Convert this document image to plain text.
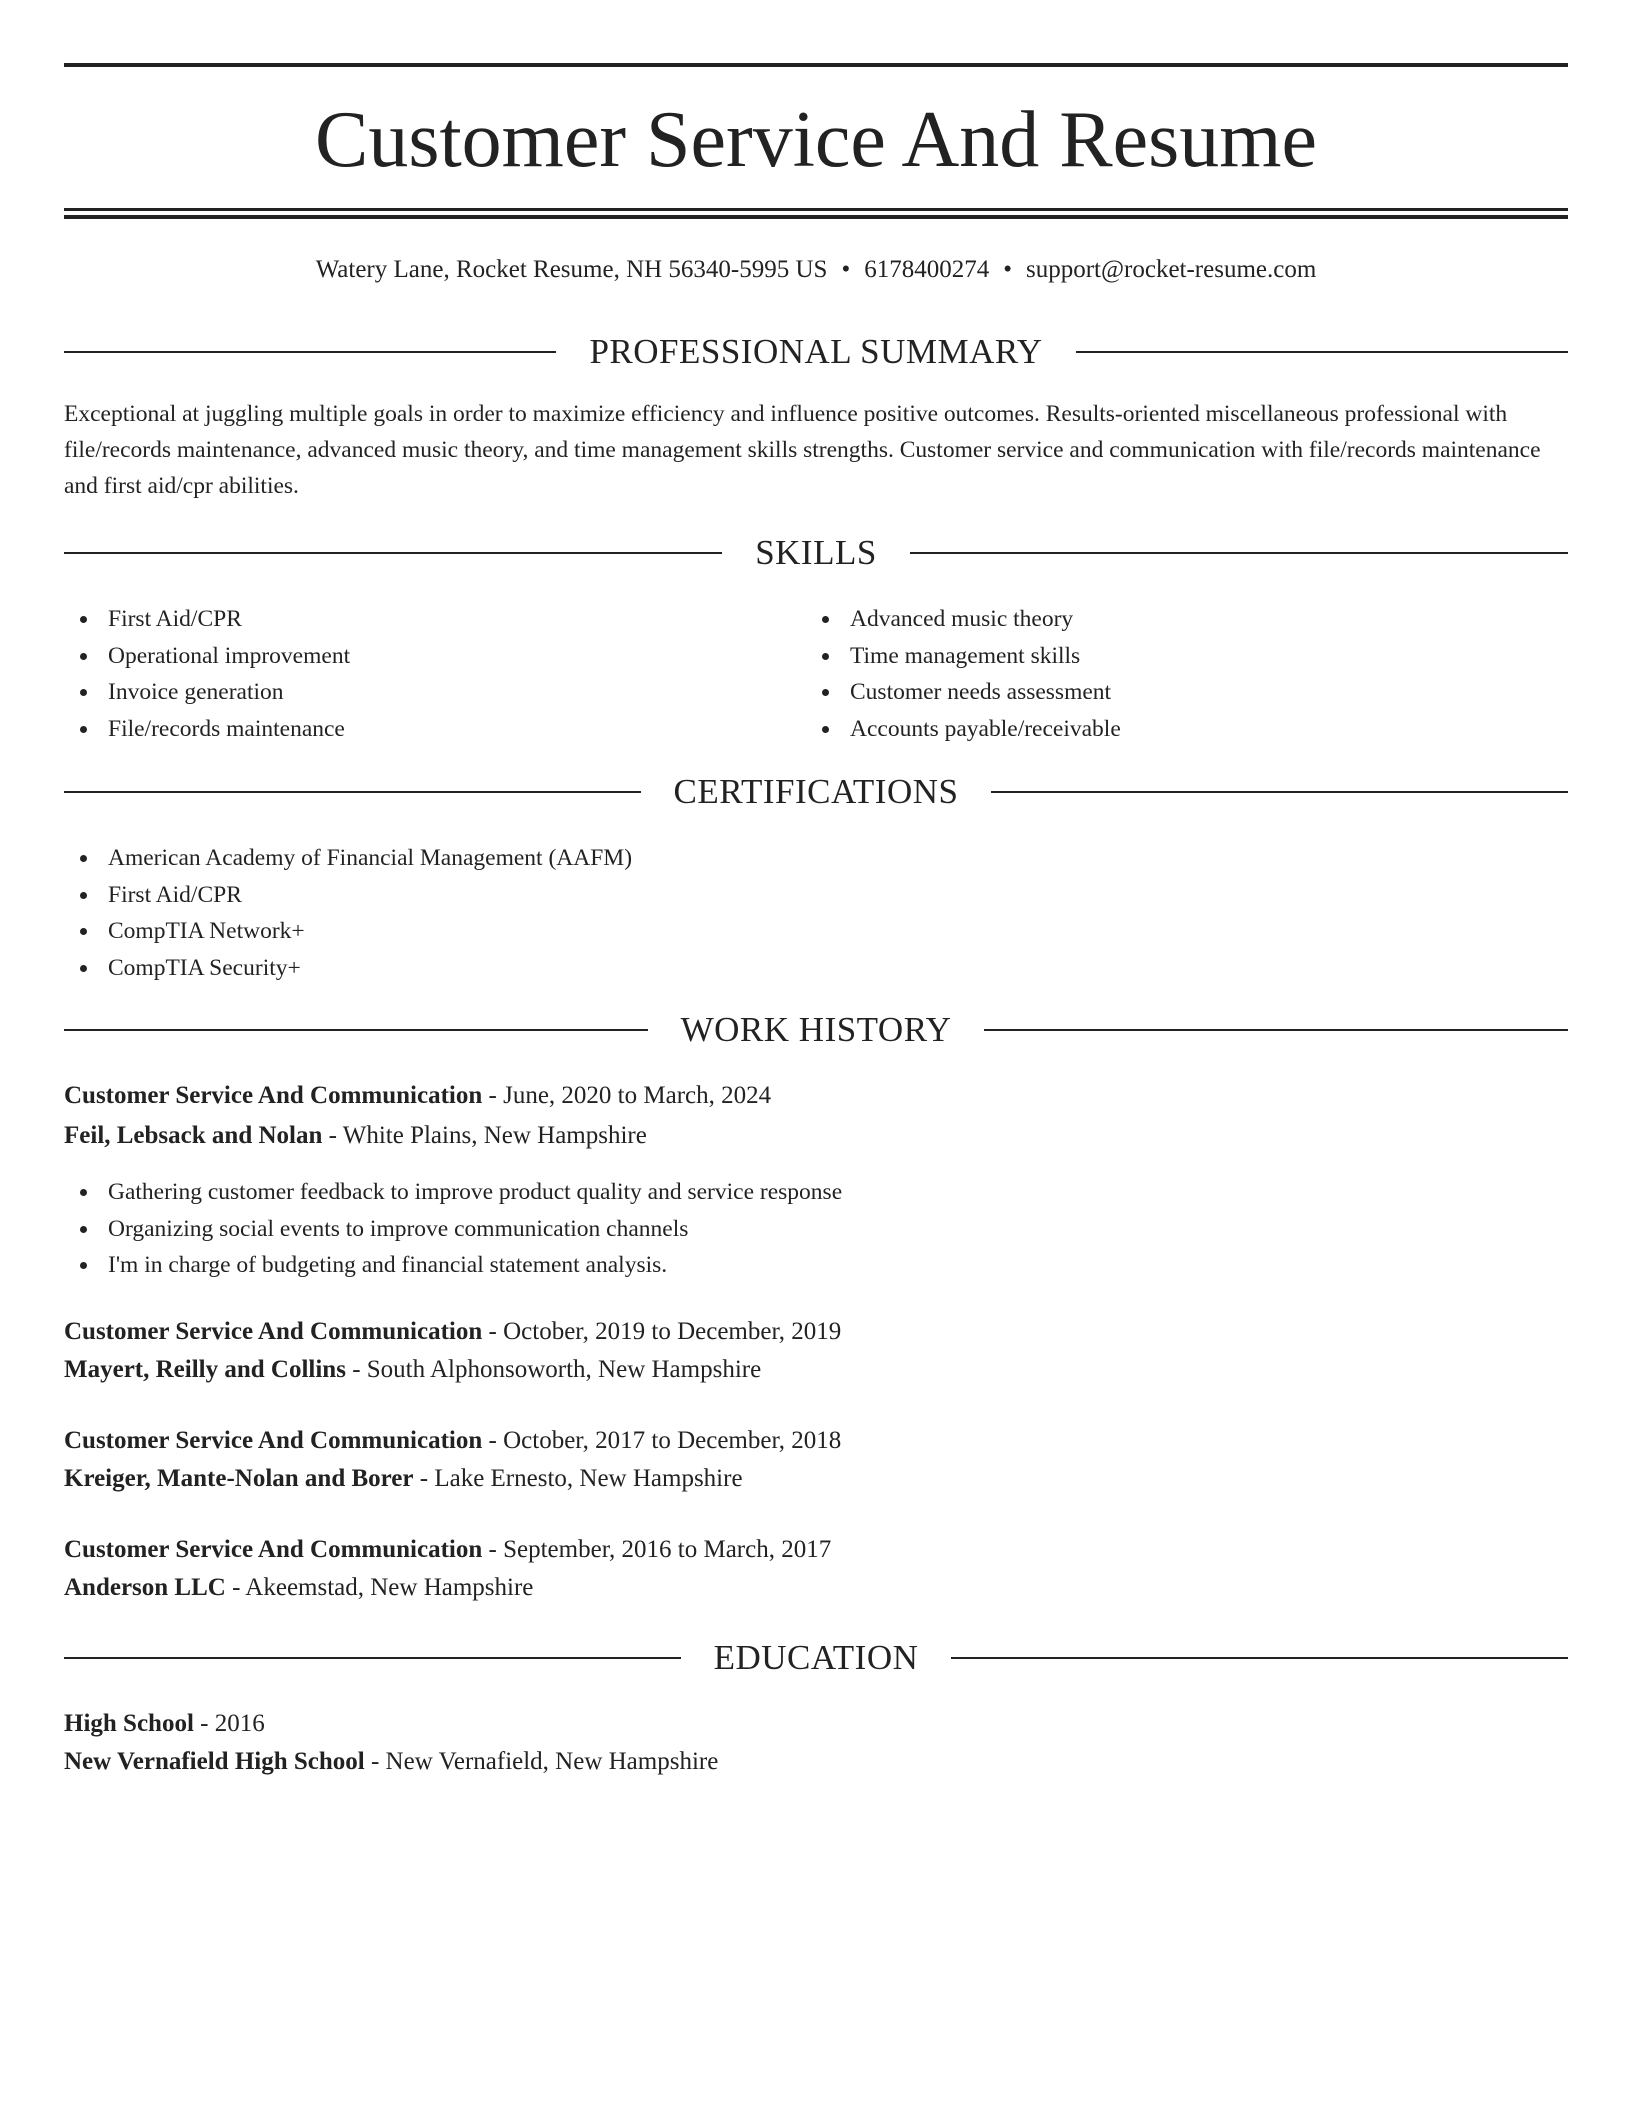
Customer Service And Resume
Watery Lane, Rocket Resume, NH 56340-5995 US • 6178400274 • support@rocket-resume.com
PROFESSIONAL SUMMARY
Exceptional at juggling multiple goals in order to maximize efficiency and influence positive outcomes. Results-oriented miscellaneous professional with file/records maintenance, advanced music theory, and time management skills strengths. Customer service and communication with file/records maintenance and first aid/cpr abilities.
SKILLS
First Aid/CPR
Operational improvement
Invoice generation
File/records maintenance
Advanced music theory
Time management skills
Customer needs assessment
Accounts payable/receivable
CERTIFICATIONS
American Academy of Financial Management (AAFM)
First Aid/CPR
CompTIA Network+
CompTIA Security+
WORK HISTORY
Customer Service And Communication - June, 2020 to March, 2024
Feil, Lebsack and Nolan - White Plains, New Hampshire
Gathering customer feedback to improve product quality and service response
Organizing social events to improve communication channels
I'm in charge of budgeting and financial statement analysis.
Customer Service And Communication - October, 2019 to December, 2019
Mayert, Reilly and Collins - South Alphonsoworth, New Hampshire
Customer Service And Communication - October, 2017 to December, 2018
Kreiger, Mante-Nolan and Borer - Lake Ernesto, New Hampshire
Customer Service And Communication - September, 2016 to March, 2017
Anderson LLC - Akeemstad, New Hampshire
EDUCATION
High School - 2016
New Vernafield High School - New Vernafield, New Hampshire
